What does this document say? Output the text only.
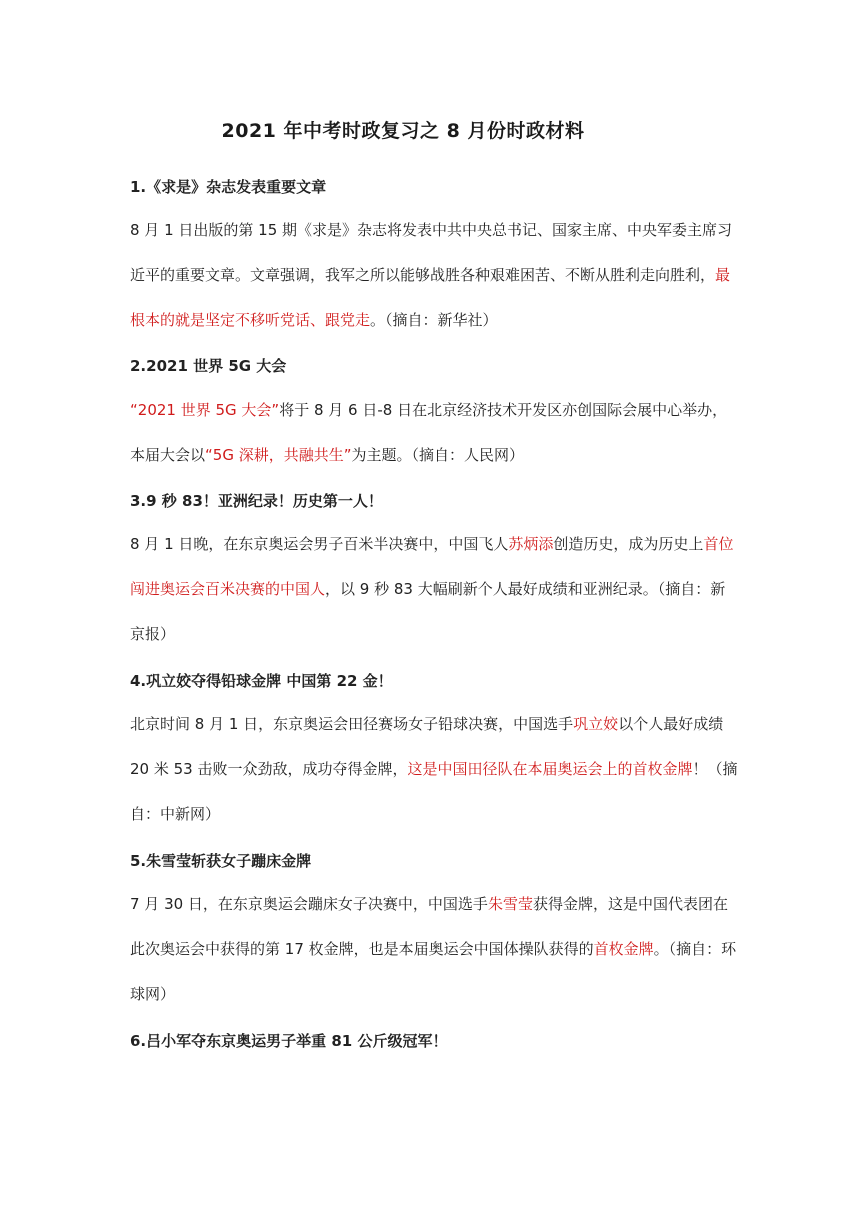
2021 年中考时政复习之 8 月份时政材料
1.《求是》杂志发表重要文章
8 月 1 日出版的第 15 期《求是》杂志将发表中共中央总书记、国家主席、中央军委主席习近平的重要文章。文章强调，我军之所以能够战胜各种艰难困苦、不断从胜利走向胜利，最根本的就是坚定不移听党话、跟党走。（摘自：新华社）
2.2021 世界 5G 大会
“2021 世界 5G 大会”将于 8 月 6 日-8 日在北京经济技术开发区亦创国际会展中心举办，本届大会以“5G 深耕，共融共生”为主题。（摘自：人民网）
3.9 秒 83！亚洲纪录！历史第一人！
8 月 1 日晚，在东京奥运会男子百米半决赛中，中国飞人苏炳添创造历史，成为历史上首位闯进奥运会百米决赛的中国人，以 9 秒 83 大幅刷新个人最好成绩和亚洲纪录。（摘自：新京报）
4.巩立姣夺得铅球金牌 中国第 22 金！
北京时间 8 月 1 日，东京奥运会田径赛场女子铅球决赛，中国选手巩立姣以个人最好成绩 20 米 53 击败一众劲敌，成功夺得金牌，这是中国田径队在本届奥运会上的首枚金牌！（摘自：中新网）
5.朱雪莹斩获女子蹦床金牌
7 月 30 日，在东京奥运会蹦床女子决赛中，中国选手朱雪莹获得金牌，这是中国代表团在此次奥运会中获得的第 17 枚金牌，也是本届奥运会中国体操队获得的首枚金牌。（摘自：环球网）
6.吕小军夺东京奥运男子举重 81 公斤级冠军！
